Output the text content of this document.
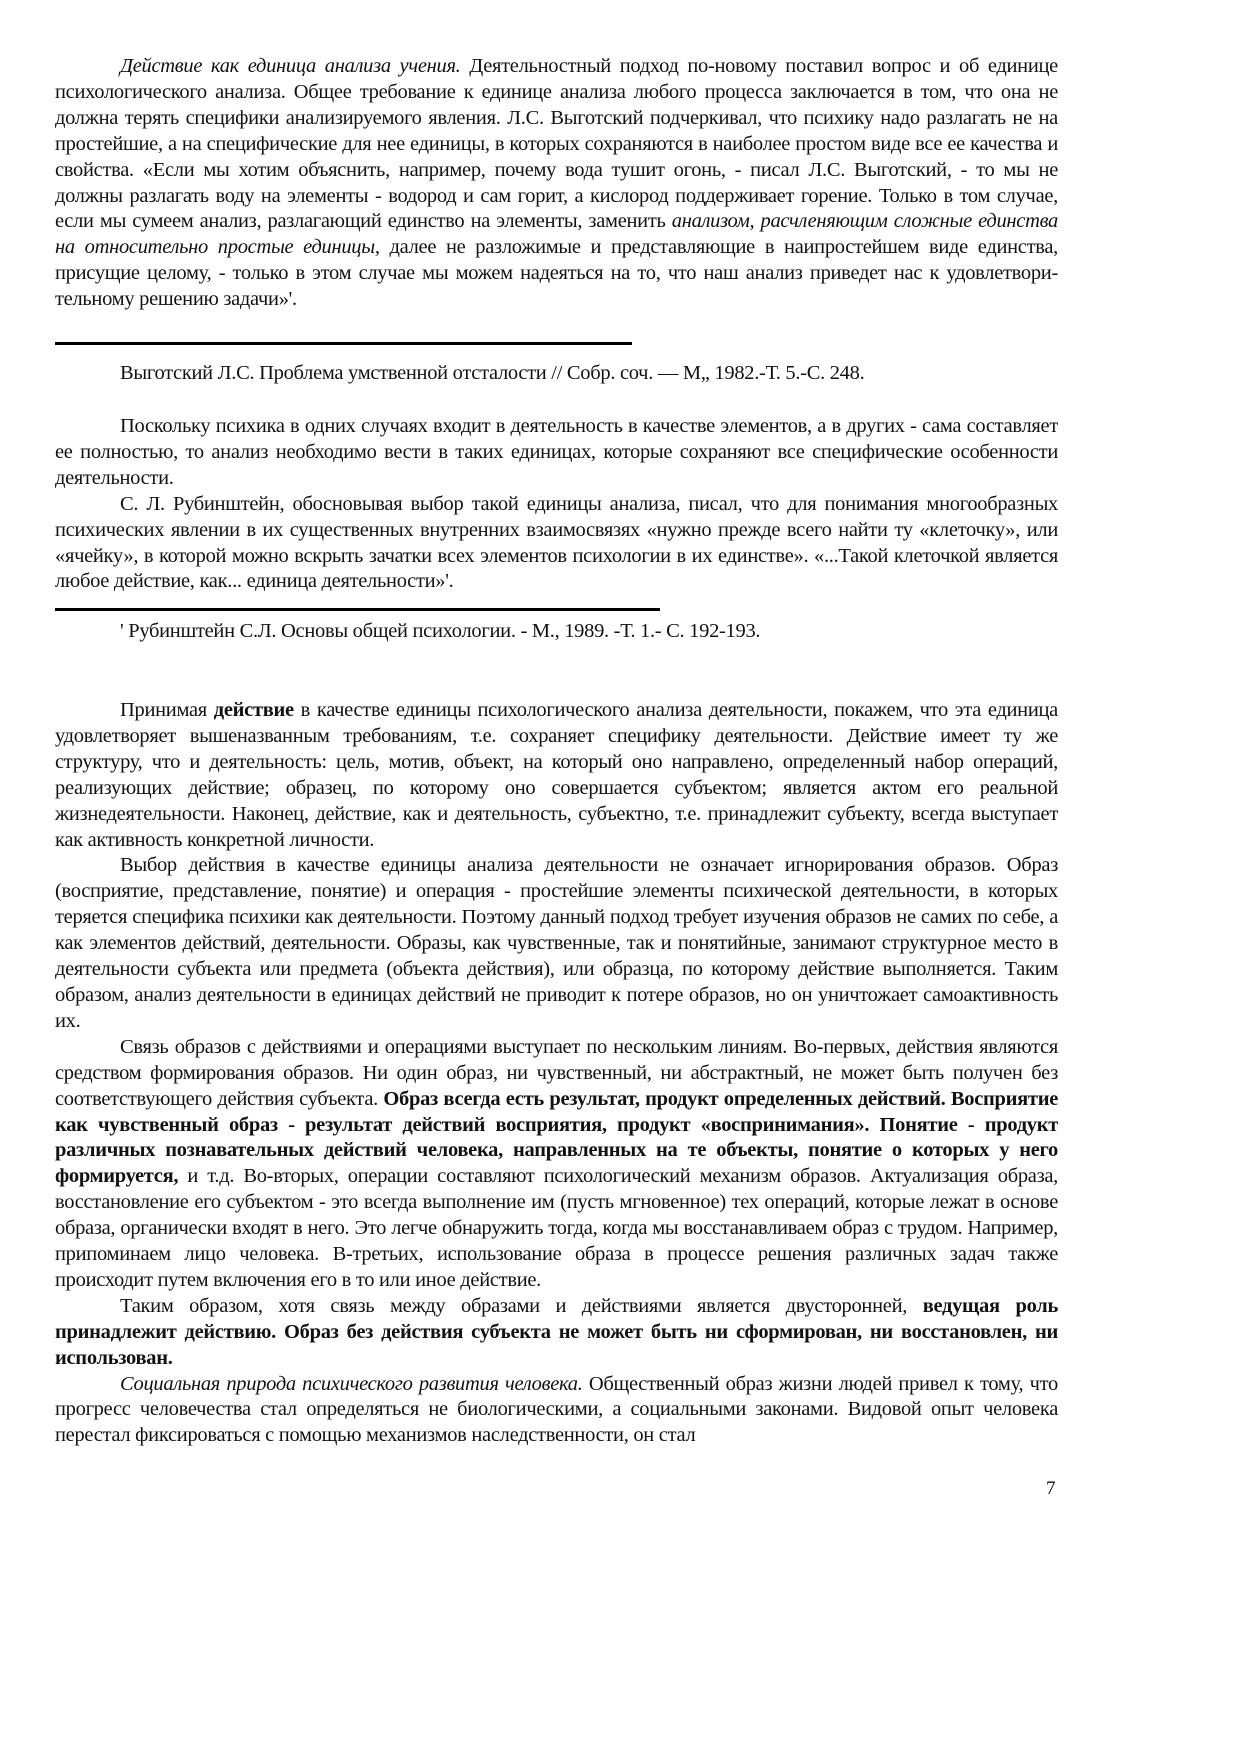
Действие как единица анализа учения. Деятельностный подход по-новому поставил вопрос и об единице психологического анализа. Общее требование к единице анализа любого процесса заключается в том, что она не должна терять специфики анализируемого явления. Л.С. Выготский подчеркивал, что психику надо разлагать не на простейшие, а на специфические для нее единицы, в которых сохраняются в наиболее простом виде все ее качества и свойства. «Если мы хотим объяснить, например, почему вода тушит огонь, - писал Л.С. Выготский, - то мы не должны разлагать воду на элементы - водород и сам горит, а кислород поддерживает горение. Только в том случае, если мы сумеем анализ, разлагающий единство на элементы, заменить анализом, расчленяющим сложные единства на относительно простые единицы, далее не разложимые и представляющие в наипростейшем виде единства, присущие целому, - только в этом случае мы можем надеяться на то, что наш анализ приведет нас к удовлетвори-тельному решению задачи»'.

Выготский Л.С. Проблема умственной отсталости // Собр. соч. — М„ 1982.-Т. 5.-С. 248.

Поскольку психика в одних случаях входит в деятельность в качестве элементов, а в других - сама составляет ее полностью, то анализ необходимо вести в таких единицах, которые сохраняют все специфические особенности деятельности.

С. Л. Рубинштейн, обосновывая выбор такой единицы анализа, писал, что для понимания многообразных психических явлении в их существенных внутренних взаимосвязях «нужно прежде всего найти ту «клеточку», или «ячейку», в которой можно вскрыть зачатки всех элементов психологии в их единстве». «...Такой клеточкой является любое действие, как... единица деятельности»'.

' Рубинштейн С.Л. Основы общей психологии. - М., 1989. -Т. 1.- С. 192-193.

Принимая действие в качестве единицы психологического анализа деятельности, покажем, что эта единица удовлетворяет вышеназванным требованиям, т.е. сохраняет специфику деятельности. Действие имеет ту же структуру, что и деятельность: цель, мотив, объект, на который оно направлено, определенный набор операций, реализующих действие; образец, по которому оно совершается субъектом; является актом его реальной жизнедеятельности. Наконец, действие, как и деятельность, субъектно, т.е. принадлежит субъекту, всегда выступает как активность конкретной личности.

Выбор действия в качестве единицы анализа деятельности не означает игнорирования образов. Образ (восприятие, представление, понятие) и операция - простейшие элементы психической деятельности, в которых теряется специфика психики как деятельности. Поэтому данный подход требует изучения образов не самих по себе, а как элементов действий, деятельности. Образы, как чувственные, так и понятийные, занимают структурное место в деятельности субъекта или предмета (объекта действия), или образца, по которому действие выполняется. Таким образом, анализ деятельности в единицах действий не приводит к потере образов, но он уничтожает самоактивность их.

Связь образов с действиями и операциями выступает по нескольким линиям. Во-первых, действия являются средством формирования образов. Ни один образ, ни чувственный, ни абстрактный, не может быть получен без соответствующего действия субъекта. Образ всегда есть результат, продукт определенных действий. Восприятие как чувственный образ - результат действий восприятия, продукт «воспринимания». Понятие - продукт различных познавательных действий человека, направленных на те объекты, понятие о которых у него формируется, и т.д. Во-вторых, операции составляют психологический механизм образов. Актуализация образа, восстановление его субъектом - это всегда выполнение им (пусть мгновенное) тех операций, которые лежат в основе образа, органически входят в него. Это легче обнаружить тогда, когда мы восстанавливаем образ с трудом. Например, припоминаем лицо человека. В-третьих, использование образа в процессе решения различных задач также происходит путем включения его в то или иное действие.

Таким образом, хотя связь между образами и действиями является двусторонней, ведущая роль принадлежит действию. Образ без действия субъекта не может быть ни сформирован, ни восстановлен, ни использован.

Социальная природа психического развития человека. Общественный образ жизни людей привел к тому, что прогресс человечества стал определяться не биологическими, а социальными законами. Видовой опыт человека перестал фиксироваться с помощью механизмов наследственности, он стал

7
